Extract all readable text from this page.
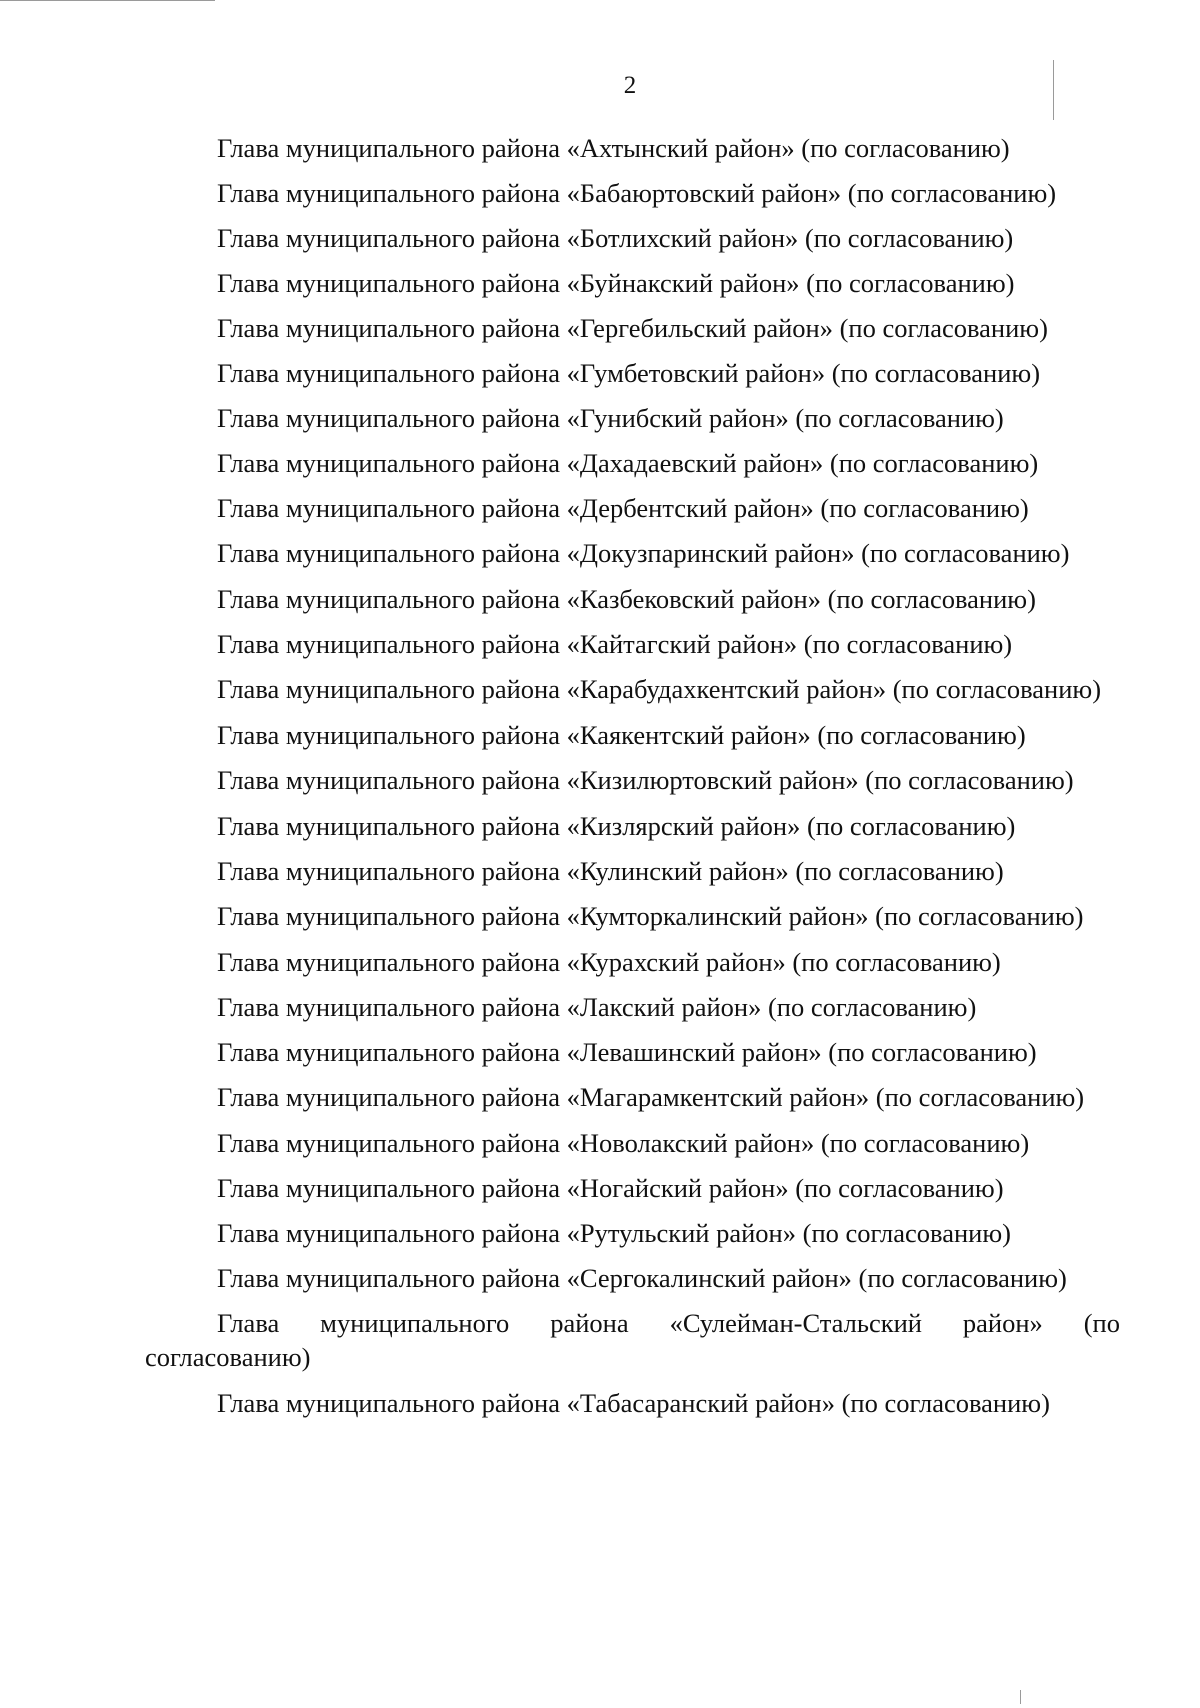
2

Глава муниципального района «Ахтынский район» (по согласованию)

Глава муниципального района «Бабаюртовский район» (по согласованию)

Глава муниципального района «Ботлихский район» (по согласованию)

Глава муниципального района «Буйнакский район» (по согласованию)

Глава муниципального района «Гергебильский район» (по согласованию)

Глава муниципального района «Гумбетовский район» (по согласованию)

Глава муниципального района «Гунибский район» (по согласованию)

Глава муниципального района «Дахадаевский район» (по согласованию)

Глава муниципального района «Дербентский район» (по согласованию)

Глава муниципального района «Докузпаринский район» (по согласованию)

Глава муниципального района «Казбековский район» (по согласованию)

Глава муниципального района «Кайтагский район» (по согласованию)

Глава муниципального района «Карабудахкентский район» (по согласованию)

Глава муниципального района «Каякентский район» (по согласованию)

Глава муниципального района «Кизилюртовский район» (по согласованию)

Глава муниципального района «Кизлярский район» (по согласованию)

Глава муниципального района «Кулинский район» (по согласованию)

Глава муниципального района «Кумторкалинский район» (по согласованию)

Глава муниципального района «Курахский район» (по согласованию)

Глава муниципального района «Лакский район» (по согласованию)

Глава муниципального района «Левашинский район» (по согласованию)

Глава муниципального района «Магарамкентский район» (по согласованию)

Глава муниципального района «Новолакский район» (по согласованию)

Глава муниципального района «Ногайский район» (по согласованию)

Глава муниципального района «Рутульский район» (по согласованию)

Глава муниципального района «Сергокалинский район» (по согласованию)

Глава муниципального района «Сулейман-Стальский район» (по согласованию)

Глава муниципального района «Табасаранский район» (по согласованию)
